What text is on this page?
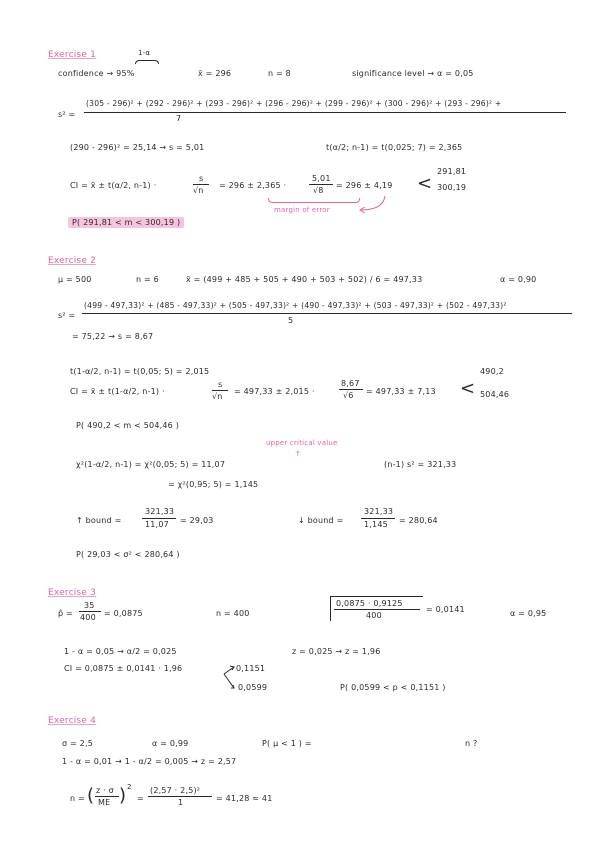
Exercise 1	1-α
confidence → 95%	x̄ = 296	n = 8	significance level → α = 0,05
s² =
(305 - 296)² + (292 - 296)² + (293 - 296)² + (296 - 296)² + (299 - 296)² + (300 - 296)² + (293 - 296)² +
7
(290 - 296)² = 25,14 → s = 5,01	t(α/2; n-1) = t(0,025; 7) = 2,365
CI = x̄ ± t(α/2, n-1) ·
s
√n
= 296 ± 2,365 ·
5,01
√8
= 296 ± 4,19
margin of error
<
291,81
300,19
P( 291,81 < m < 300,19 )
Exercise 2
μ = 500	n = 6	x̄ = (499 + 485 + 505 + 490 + 503 + 502) / 6 = 497,33	α = 0,90
s² =
(499 - 497,33)² + (485 - 497,33)² + (505 - 497,33)² + (490 - 497,33)² + (503 - 497,33)² + (502 - 497,33)²
5
= 75,22 → s = 8,67
t(1-α/2, n-1) = t(0,05; 5) = 2,015
CI = x̄ ± t(1-α/2, n-1) ·
s
√n
= 497,33 ± 2,015 ·
8,67
√6 = 497,33 ± 7,13 <
490,2
504,46
P( 490,2 < m < 504,46 )
upper critical value
↑
χ²(1-α/2, n-1) = χ²(0,05; 5) = 11,07
= χ²(0,95; 5) = 1,145
(n-1) s² = 321,33
↑ bound =
321,33
11,07 = 29,03	↓ bound =
321,33
1,145 = 280,64
P( 29,03 < σ² < 280,64 )
Exercise 3
p̂ =
35
400 = 0,0875	n = 400
0,0875 · 0,9125
400
= 0,0141	α = 0,95
1 - α = 0,05 → α/2 = 0,025	z = 0,025 → z = 1,96
CI = 0,0875 ± 0,0141 · 1,96	0,1151
0,0599	P( 0,0599 < p < 0,1151 )
Exercise 4
σ = 2,5	α = 0,99	P( μ < 1 ) =	n ?
1 - α = 0,01 → 1 - α/2 = 0,005 → z = 2,57
n = ( z · σ
ME ) 2
=
(2,57 · 2,5)²
1	= 41,28 ≈ 41
